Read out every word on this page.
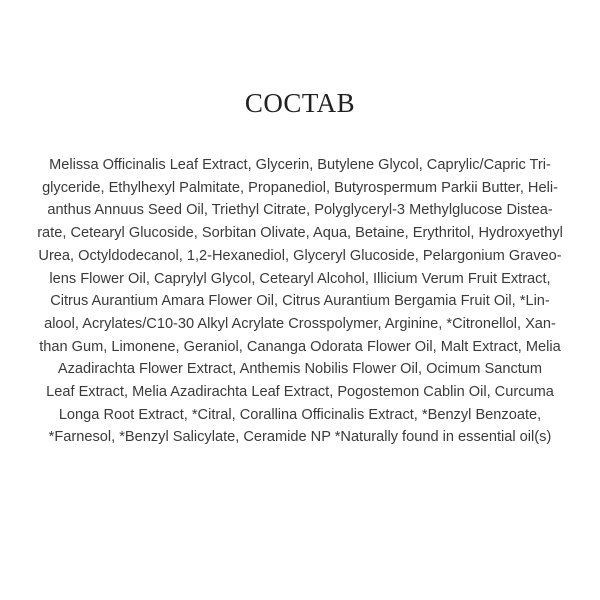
COCTAB
Melissa Officinalis Leaf Extract, Glycerin, Butylene Glycol, Caprylic/Capric Tri-
glyceride, Ethylhexyl Palmitate, Propanediol, Butyrospermum Parkii Butter, Heli-
anthus Annuus Seed Oil, Triethyl Citrate, Polyglyceryl-3 Methylglucose Distea-
rate, Cetearyl Glucoside, Sorbitan Olivate, Aqua, Betaine, Erythritol, Hydroxyethyl
Urea, Octyldodecanol, 1,2-Hexanediol, Glyceryl Glucoside, Pelargonium Graveo-
lens Flower Oil, Caprylyl Glycol, Cetearyl Alcohol, Illicium Verum Fruit Extract,
Citrus Aurantium Amara Flower Oil, Citrus Aurantium Bergamia Fruit Oil, *Lin-
alool, Acrylates/C10-30 Alkyl Acrylate Crosspolymer, Arginine, *Citronellol, Xan-
than Gum, Limonene, Geraniol, Cananga Odorata Flower Oil, Malt Extract, Melia
Azadirachta Flower Extract, Anthemis Nobilis Flower Oil, Ocimum Sanctum
Leaf Extract, Melia Azadirachta Leaf Extract, Pogostemon Cablin Oil, Curcuma
Longa Root Extract, *Citral, Corallina Officinalis Extract, *Benzyl Benzoate,
*Farnesol, *Benzyl Salicylate, Ceramide NP *Naturally found in essential oil(s)
